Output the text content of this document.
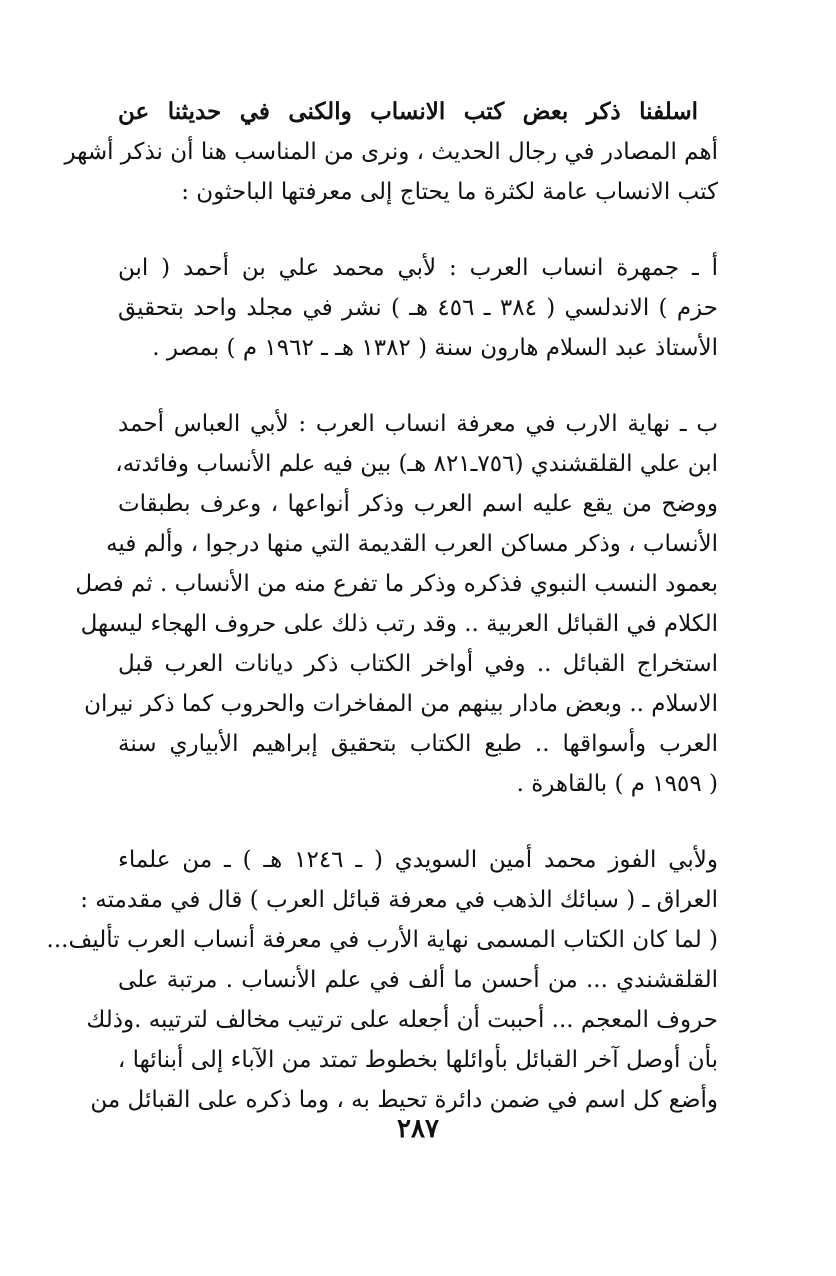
اسلفنا ذكر بعض كتب الانساب والكنى في حديثنا عن
أهم المصادر في رجال الحديث ، ونرى من المناسب هنا أن نذكر أشهر
كتب الانساب عامة لكثرة ما يحتاج إلى معرفتها الباحثون :
أ ـ جمهرة انساب العرب : لأبي محمد علي بن أحمد ( ابن
حزم ) الاندلسي ( ٣٨٤ ـ ٤٥٦ هـ ) نشر في مجلد واحد بتحقيق
الأستاذ عبد السلام هارون سنة ( ١٣٨٢ هـ ـ ١٩٦٢ م ) بمصر .
ب ـ نهاية الارب في معرفة انساب العرب : لأبي العباس أحمد
ابن علي القلقشندي (٧٥٦ـ٨٢١ هـ) بين فيه علم الأنساب وفائدته،
ووضح من يقع عليه اسم العرب وذكر أنواعها ، وعرف بطبقات
الأنساب ، وذكر مساكن العرب القديمة التي منها درجوا ، وألم فيه
بعمود النسب النبوي فذكره وذكر ما تفرع منه من الأنساب . ثم فصل
الكلام في القبائل العربية .. وقد رتب ذلك على حروف الهجاء ليسهل
استخراج القبائل .. وفي أواخر الكتاب ذكر ديانات العرب قبل
الاسلام .. وبعض مادار بينهم من المفاخرات والحروب كما ذكر نيران
العرب وأسواقها .. طبع الكتاب بتحقيق إبراهيم الأبياري سنة
( ١٩٥٩ م ) بالقاهرة .
ولأبي الفوز محمد أمين السويدي ( ـ ١٢٤٦ هـ ) ـ من علماء
العراق ـ ( سبائك الذهب في معرفة قبائل العرب ) قال في مقدمته :
( لما كان الكتاب المسمى نهاية الأرب في معرفة أنساب العرب تأليف...
القلقشندي ... من أحسن ما ألف في علم الأنساب . مرتبة على
حروف المعجم ... أحببت أن أجعله على ترتيب مخالف لترتيبه .وذلك
بأن أوصل آخر القبائل بأوائلها بخطوط تمتد من الآباء إلى أبنائها ،
وأضع كل اسم في ضمن دائرة تحيط به ، وما ذكره على القبائل من
٢٨٧
